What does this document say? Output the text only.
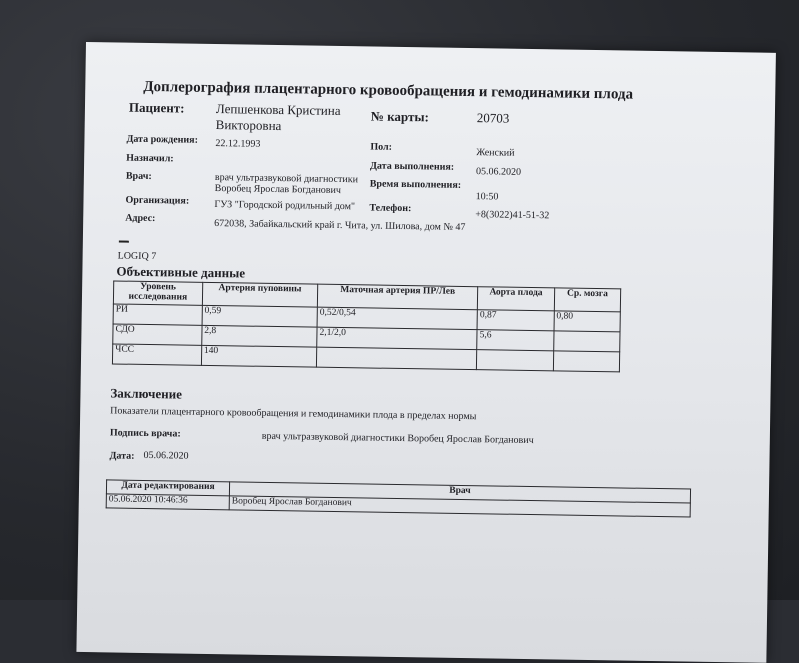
Доплерография плацентарного кровообращения и гемодинамики плода
Пациент: Лепшенкова Кристина
Викторовна
№ карты:	20703
Дата рождения: 22.12.1993	Пол:	Женский
Назначил:
Дата выполнения: 05.06.2020
Врач:	врач ультразвуковой диагностики
Воробец Ярослав Богданович	Время выполнения:
10:50
Организация:	ГУЗ "Городской родильный дом" Телефон:
+8(3022)41-51-32
Адрес:	672038, Забайкальский край г. Чита, ул. Шилова, дом № 47
LOGIQ 7
Объективные данные
Уровень
исследования	Артерия пуповины	Маточная артерия ПР/Лев	Аорта плода	Ср. мозга
РИ	0,59	0,52/0,54	0,87	0,80
СДО	2,8	2,1/2,0	5,6	
ЧСС	140			
Заключение
Показатели плацентарного кровообращения и гемодинамики плода в пределах нормы
Подпись врача:	врач ультразвуковой диагностики Воробец Ярослав Богданович
Дата: 05.06.2020
Дата редактирования	Врач
05.06.2020 10:46:36	Воробец Ярослав Богданович
